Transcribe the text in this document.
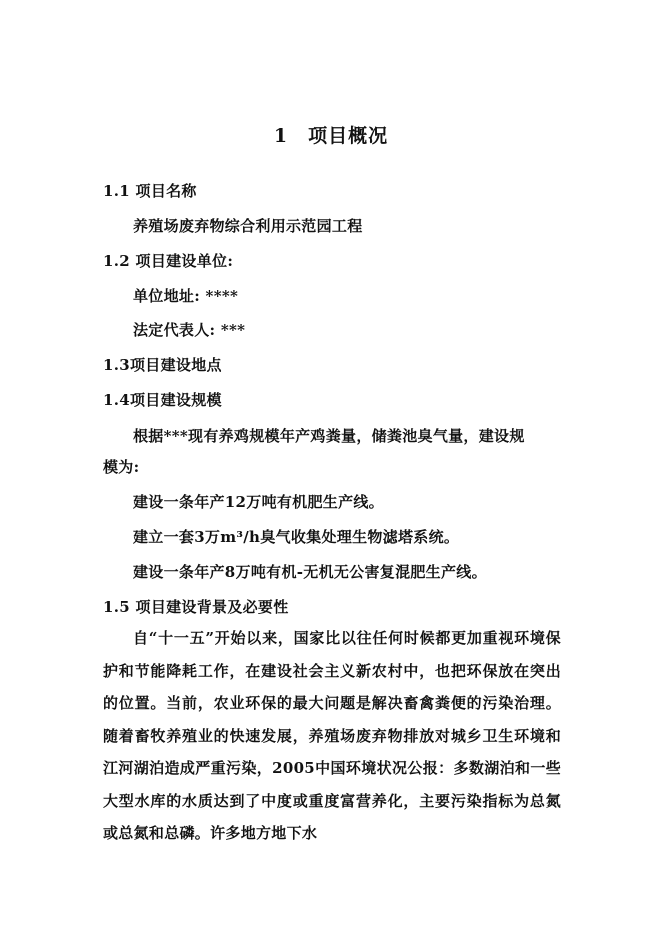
1　项目概况
1.1 项目名称
养殖场废弃物综合利用示范园工程
1.2 项目建设单位:
单位地址: ****
法定代表人: ***
1.3项目建设地点
1.4项目建设规模
根据***现有养鸡规模年产鸡粪量，储粪池臭气量，建设规
模为:
建设一条年产12万吨有机肥生产线。
建立一套3万m³/h臭气收集处理生物滤塔系统。
建设一条年产8万吨有机-无机无公害复混肥生产线。
1.5 项目建设背景及必要性
自“十一五”开始以来，国家比以往任何时候都更加重视环境保护和节能降耗工作，在建设社会主义新农村中，也把环保放在突出的位置。当前，农业环保的最大问题是解决畜禽粪便的污染治理。随着畜牧养殖业的快速发展，养殖场废弃物排放对城乡卫生环境和江河湖泊造成严重污染，2005中国环境状况公报：多数湖泊和一些大型水库的水质达到了中度或重度富营养化，主要污染指标为总氮或总氮和总磷。许多地方地下水
